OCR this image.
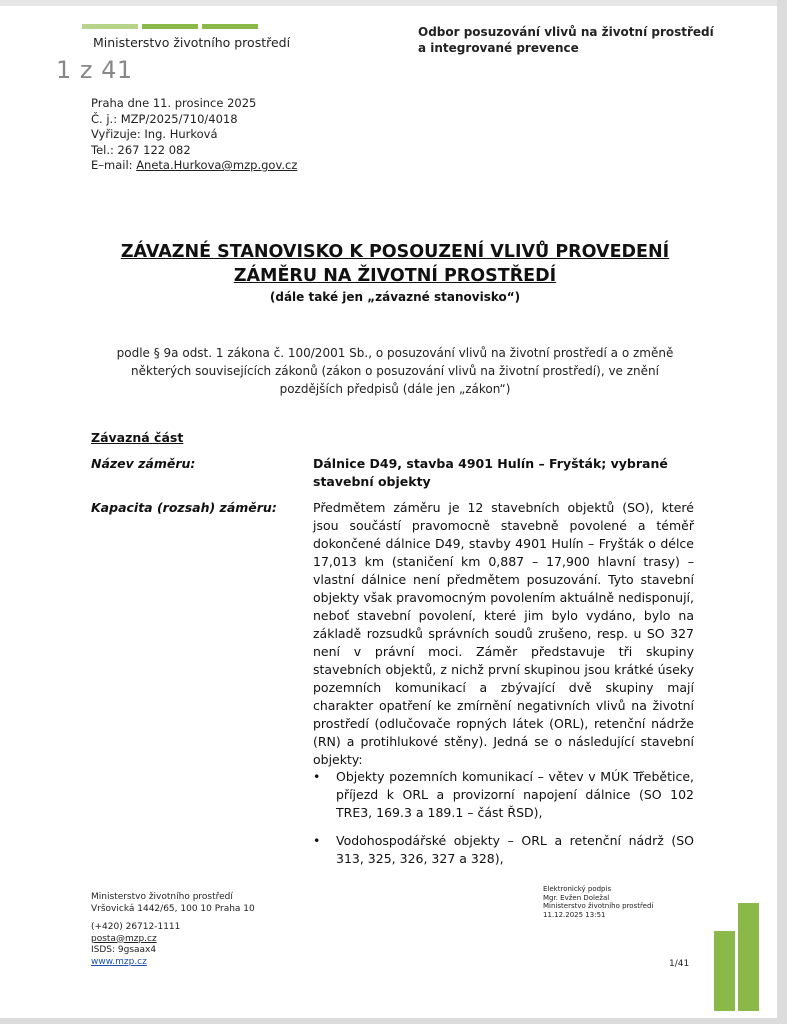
Ministerstvo životního prostředí
1 z 41
Odbor posuzování vlivů na životní prostředí
a integrované prevence
Praha dne 11. prosince 2025
Č. j.: MZP/2025/710/4018
Vyřizuje: Ing. Hurková
Tel.: 267 122 082
E–mail: Aneta.Hurkova@mzp.gov.cz
ZÁVAZNÉ STANOVISKO K POSOUZENÍ VLIVŮ PROVEDENÍ
ZÁMĚRU NA ŽIVOTNÍ PROSTŘEDÍ
(dále také jen „závazné stanovisko“)
podle § 9a odst. 1 zákona č. 100/2001 Sb., o posuzování vlivů na životní prostředí a o změně
některých souvisejících zákonů (zákon o posuzování vlivů na životní prostředí), ve znění
pozdějších předpisů (dále jen „zákon“)
Závazná část
Název záměru:	Dálnice D49, stavba 4901 Hulín – Fryšták; vybrané stavební objekty
Kapacita (rozsah) záměru:	Předmětem záměru je 12 stavebních objektů (SO), které jsou součástí pravomocně stavebně povolené a téměř dokončené dálnice D49, stavby 4901 Hulín – Fryšták o délce 17,013 km (staničení km 0,887 – 17,900 hlavní trasy) – vlastní dálnice není předmětem posuzování. Tyto stavební objekty však pravomocným povolením aktuálně nedisponují, neboť stavební povolení, které jim bylo vydáno, bylo na základě rozsudků správních soudů zrušeno, resp. u SO 327 není v právní moci. Záměr představuje tři skupiny stavebních objektů, z nichž první skupinou jsou krátké úseky pozemních komunikací a zbývající dvě skupiny mají charakter opatření ke zmírnění negativních vlivů na životní prostředí (odlučovače ropných látek (ORL), retenční nádrže (RN) a protihlukové stěny). Jedná se o následující stavební objekty:
• Objekty pozemních komunikací – větev v MÚK Třebětice, příjezd k ORL a provizorní napojení dálnice (SO 102 TRE3, 169.3 a 189.1 – část ŘSD),
• Vodohospodářské objekty – ORL a retenční nádrž (SO 313, 325, 326, 327 a 328),
Ministerstvo životního prostředí
Vršovická 1442/65, 100 10 Praha 10
(+420) 26712-1111
posta@mzp.cz
ISDS: 9gsaax4
www.mzp.cz
Elektronický podpis
Mgr. Evžen Doležal
Ministerstvo životního prostředí
11.12.2025 13:51
1/41
